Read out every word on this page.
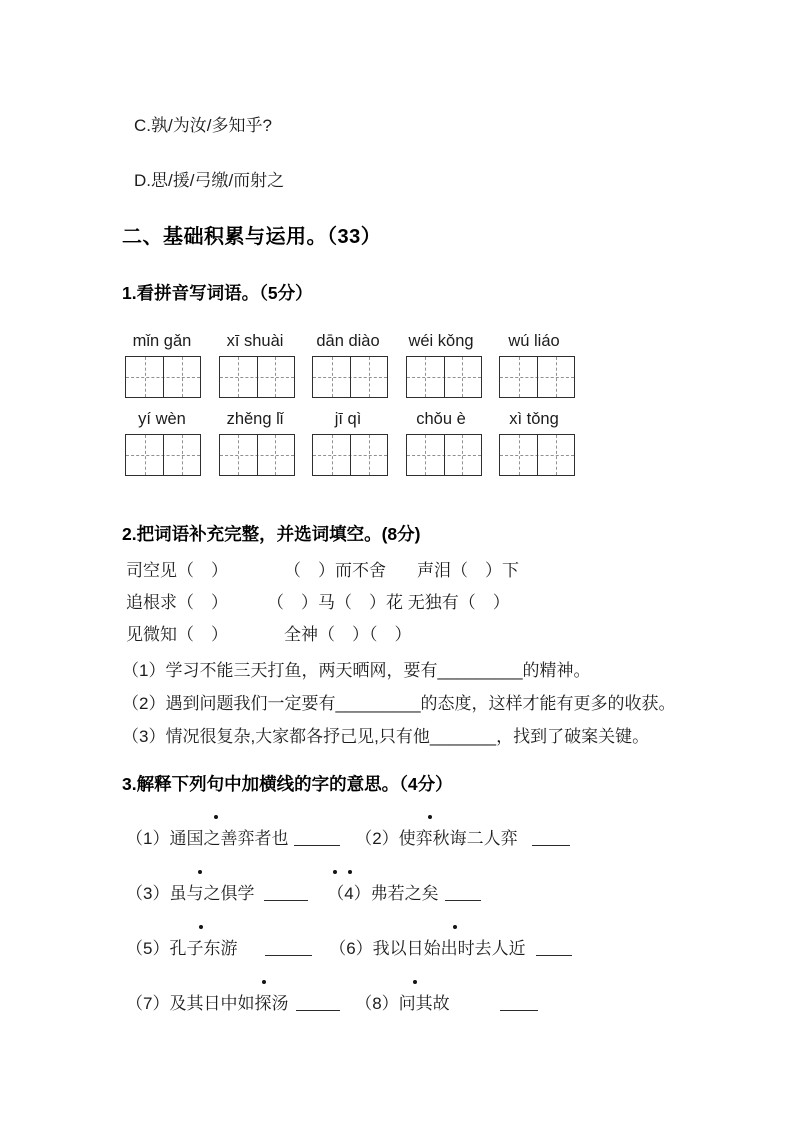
C.孰/为汝/多知乎?
D.思/援/弓缴/而射之
二、基础积累与运用。（33）
1.看拼音写词语。（5分）
mǐn gǎn	xī shuài	dān diào	wéi kǒng	wú liáo
yí wèn	zhěng lǐ	jī qì	chǒu è	xì tǒng
2.把词语补充完整，并选词填空。(8分)
司空见（　）	（　）而不舍 声泪（　）下
追根求（　） （　）马（　）花 无独有（　）
见微知（　）	全神（　）（　）
（1）学习不能三天打鱼，两天晒网，要有_________的精神。
（2）遇到问题我们一定要有_________的态度，这样才能有更多的收获。
（3）情况很复杂,大家都各抒己见,只有他_______，找到了破案关键。
3.解释下列句中加横线的字的意思。（4分）
（1）通国之善弈者也	（2）使弈秋诲二人弈
（3）虽与之俱学	（4）弗若之矣
（5）孔子东游	（6）我以日始出时去人近
（7）及其日中如探汤	（8）问其故
